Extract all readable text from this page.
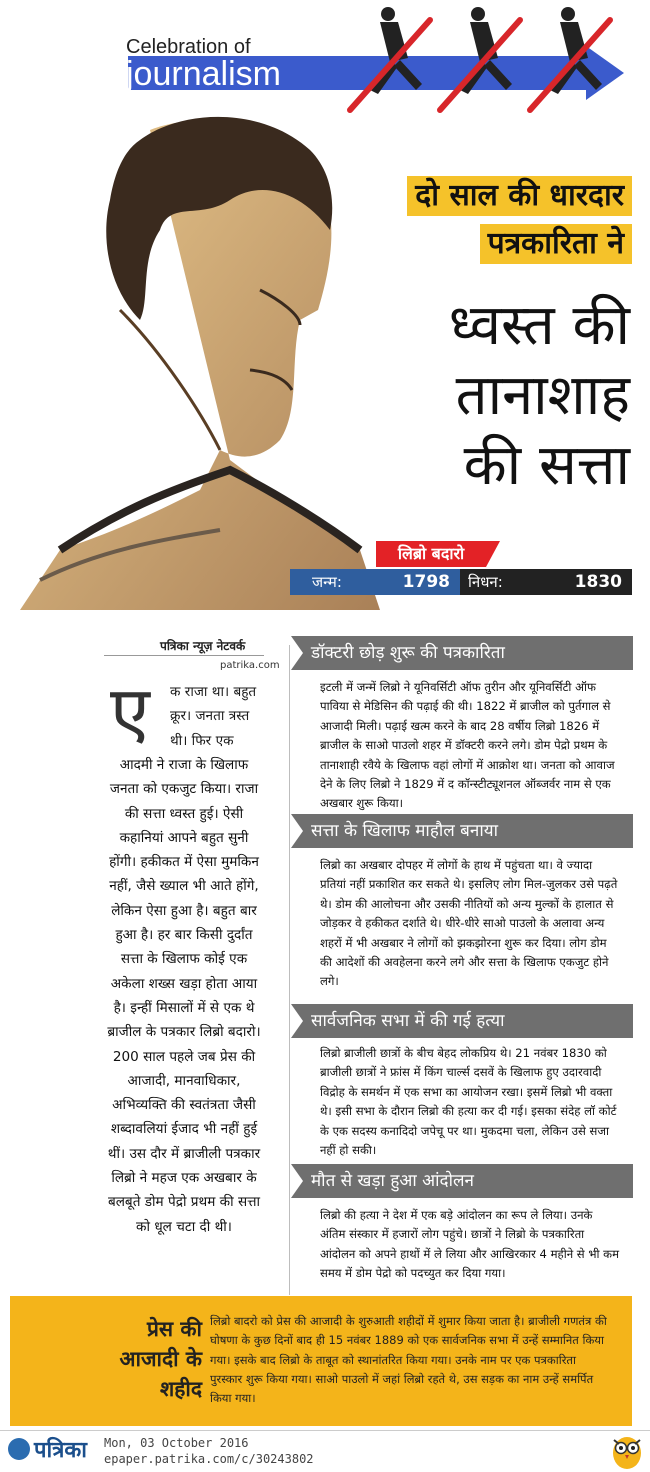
Celebration of
journalism
दो साल की धारदार
पत्रकारिता ने
ध्वस्त की
तानाशाह
की सत्ता
लिब्रो बदारो
जन्म:	1798 निधन:	1830
पत्रिका न्यूज़ नेटवर्क
patrika.com
ए क राजा था। बहुत क्रूर। जनता त्रस्त थी। फिर एक
आदमी ने राजा के खिलाफ जनता को एकजुट किया। राजा की सत्ता ध्वस्त हुई। ऐसी कहानियां आपने बहुत सुनी होंगी। हकीकत में ऐसा मुमकिन नहीं, जैसे ख्याल भी आते होंगे, लेकिन ऐसा हुआ है। बहुत बार हुआ है। हर बार किसी दुर्दांत सत्ता के खिलाफ कोई एक अकेला शख्स खड़ा होता आया है। इन्हीं मिसालों में से एक थे ब्राजील के पत्रकार लिब्रो बदारो। 200 साल पहले जब प्रेस की आजादी, मानवाधिकार, अभिव्यक्ति की स्वतंत्रता जैसी शब्दावलियां ईजाद भी नहीं हुई थीं। उस दौर में ब्राजीली पत्रकार लिब्रो ने महज एक अखबार के बलबूते डोम पेद्रो प्रथम की सत्ता को धूल चटा दी थी।
डॉक्टरी छोड़ शुरू की पत्रकारिता
इटली में जन्में लिब्रो ने यूनिवर्सिटी ऑफ तुरीन और यूनिवर्सिटी ऑफ पाविया से मेडिसिन की पढ़ाई की थी। 1822 में ब्राजील को पुर्तगाल से आजादी मिली। पढ़ाई खत्म करने के बाद 28 वर्षीय लिब्रो 1826 में ब्राजील के साओ पाउलो शहर में डॉक्टरी करने लगे। डोम पेद्रो प्रथम के तानाशाही रवैये के खिलाफ वहां लोगों में आक्रोश था। जनता को आवाज देने के लिए लिब्रो ने 1829 में द कॉन्स्टीट्यूशनल ऑब्जर्वर नाम से एक अखबार शुरू किया।
सत्ता के खिलाफ माहौल बनाया
लिब्रो का अखबार दोपहर में लोगों के हाथ में पहुंचता था। वे ज्यादा प्रतियां नहीं प्रकाशित कर सकते थे। इसलिए लोग मिल-जुलकर उसे पढ़ते थे। डोम की आलोचना और उसकी नीतियों को अन्य मुल्कों के हालात से जोड़कर वे हकीकत दर्शाते थे। धीरे-धीरे साओ पाउलो के अलावा अन्य शहरों में भी अखबार ने लोगों को झकझोरना शुरू कर दिया। लोग डोम की आदेशों की अवहेलना करने लगे और सत्ता के खिलाफ एकजुट होने लगे।
सार्वजनिक सभा में की गई हत्या
लिब्रो ब्राजीली छात्रों के बीच बेहद लोकप्रिय थे। 21 नवंबर 1830 को ब्राजीली छात्रों ने फ्रांस में किंग चार्ल्स दसवें के खिलाफ हुए उदारवादी विद्रोह के समर्थन में एक सभा का आयोजन रखा। इसमें लिब्रो भी वक्ता थे। इसी सभा के दौरान लिब्रो की हत्या कर दी गई। इसका संदेह लॉ कोर्ट के एक सदस्य कनादिदो जपेचू पर था। मुकदमा चला, लेकिन उसे सजा नहीं हो सकी।
मौत से खड़ा हुआ आंदोलन
लिब्रो की हत्या ने देश में एक बड़े आंदोलन का रूप ले लिया। उनके अंतिम संस्कार में हजारों लोग पहुंचे। छात्रों ने लिब्रो के पत्रकारिता आंदोलन को अपने हाथों में ले लिया और आखिरकार 4 महीने से भी कम समय में डोम पेद्रो को पदच्युत कर दिया गया।
प्रेस की आजादी के शहीद
लिब्रो बादरो को प्रेस की आजादी के शुरुआती शहीदों में शुमार किया जाता है। ब्राजीली गणतंत्र की घोषणा के कुछ दिनों बाद ही 15 नवंबर 1889 को एक सार्वजनिक सभा में उन्हें सम्मानित किया गया। इसके बाद लिब्रो के ताबूत को स्थानांतरित किया गया। उनके नाम पर एक पत्रकारिता पुरस्कार शुरू किया गया। साओ पाउलो में जहां लिब्रो रहते थे, उस सड़क का नाम उन्हें समर्पित किया गया।
पत्रिका Mon, 03 October 2016
epaper.patrika.com/c/30243802
